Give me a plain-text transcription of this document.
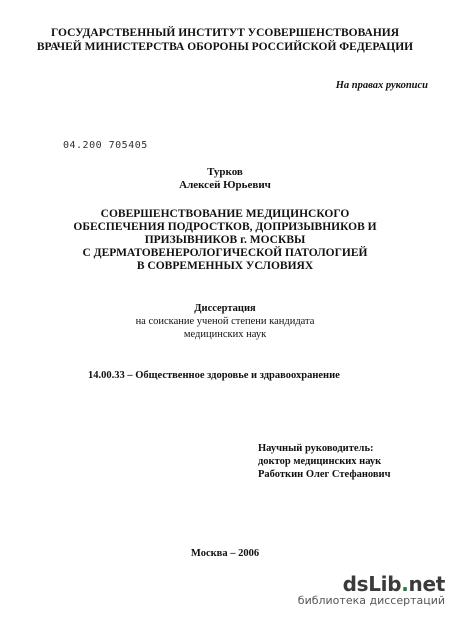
ГОСУДАРСТВЕННЫЙ ИНСТИТУТ УСОВЕРШЕНСТВОВАНИЯ
ВРАЧЕЙ МИНИСТЕРСТВА ОБОРОНЫ РОССИЙСКОЙ ФЕДЕРАЦИИ
На правах рукописи
04.200 705405
Турков
Алексей Юрьевич
СОВЕРШЕНСТВОВАНИЕ МЕДИЦИНСКОГО
ОБЕСПЕЧЕНИЯ ПОДРОСТКОВ, ДОПРИЗЫВНИКОВ И
ПРИЗЫВНИКОВ г. МОСКВЫ
С ДЕРМАТОВЕНЕРОЛОГИЧЕСКОЙ ПАТОЛОГИЕЙ
В СОВРЕМЕННЫХ УСЛОВИЯХ
Диссертация
на соискание ученой степени кандидата
медицинских наук
14.00.33 – Общественное здоровье и здравоохранение
Научный руководитель:
доктор медицинских наук
Работкин Олег Стефанович
Москва – 2006
dsLib.net
библиотека диссертаций
